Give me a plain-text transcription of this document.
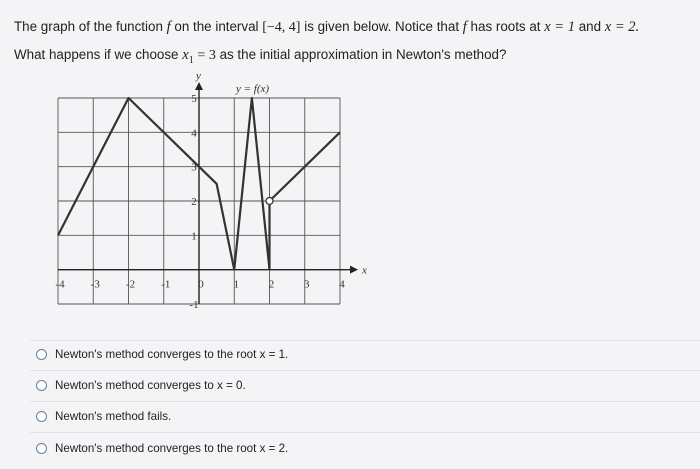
The graph of the function f on the interval [−4, 4] is given below. Notice that f has roots at x = 1 and x = 2.
What happens if we choose $x_1 = 3$ as the initial approximation in Newton's method?
-4 -3 -2 -1	0	1	2	3	4
-1
1
2
3
4
5
y = f(x)
y
x
Newton's method converges to the root x = 1.
Newton's method converges to x = 0.
Newton's method fails.
Newton's method converges to the root x = 2.
